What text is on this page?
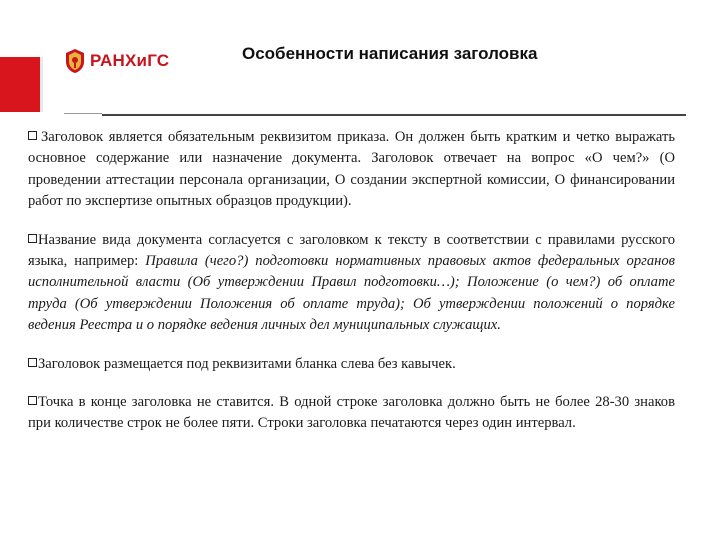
РАНХиГС	Особенности написания заголовка

Заголовок является обязательным реквизитом приказа. Он должен быть кратким и четко выражать основное содержание или назначение документа. Заголовок отвечает на вопрос «О чем?» (О проведении аттестации персонала организации, О создании экспертной комиссии, О финансировании работ по экспертизе опытных образцов продукции).

Название вида документа согласуется с заголовком к тексту в соответствии с правилами русского языка, например: Правила (чего?) подготовки нормативных правовых актов федеральных органов исполнительной власти (Об утверждении Правил подготовки…); Положение (о чем?) об оплате труда (Об утверждении Положения об оплате труда); Об утверждении положений о порядке ведения Реестра и о порядке ведения личных дел муниципальных служащих.

Заголовок размещается под реквизитами бланка слева без кавычек.

Точка в конце заголовка не ставится. В одной строке заголовка должно быть не более 28-30 знаков при количестве строк не более пяти. Строки заголовка печатаются через один интервал.
